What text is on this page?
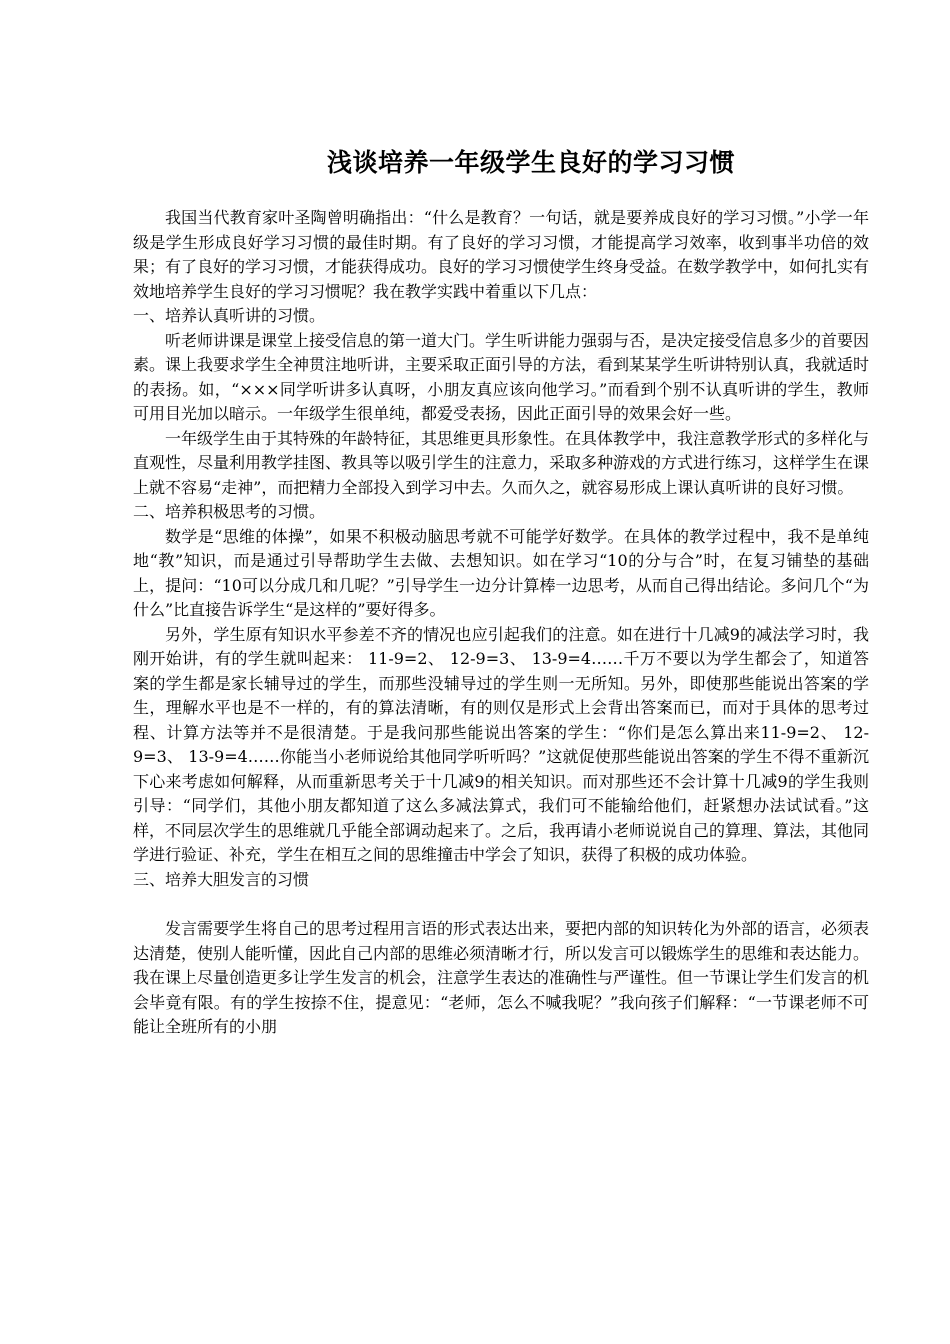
浅谈培养一年级学生良好的学习习惯

我国当代教育家叶圣陶曾明确指出：“什么是教育？一句话，就是要养成良好的学习习惯。”小学一年级是学生形成良好学习习惯的最佳时期。有了良好的学习习惯，才能提高学习效率，收到事半功倍的效果；有了良好的学习习惯，才能获得成功。良好的学习习惯使学生终身受益。在数学教学中，如何扎实有效地培养学生良好的学习习惯呢？我在教学实践中着重以下几点：

一、培养认真听讲的习惯。

听老师讲课是课堂上接受信息的第一道大门。学生听讲能力强弱与否，是决定接受信息多少的首要因素。课上我要求学生全神贯注地听讲，主要采取正面引导的方法，看到某某学生听讲特别认真，我就适时的表扬。如，“×××同学听讲多认真呀，小朋友真应该向他学习。”而看到个别不认真听讲的学生，教师可用目光加以暗示。一年级学生很单纯，都爱受表扬，因此正面引导的效果会好一些。

一年级学生由于其特殊的年龄特征，其思维更具形象性。在具体教学中，我注意教学形式的多样化与直观性，尽量利用教学挂图、教具等以吸引学生的注意力，采取多种游戏的方式进行练习，这样学生在课上就不容易“走神”，而把精力全部投入到学习中去。久而久之，就容易形成上课认真听讲的良好习惯。

二、培养积极思考的习惯。

数学是“思维的体操”，如果不积极动脑思考就不可能学好数学。在具体的教学过程中，我不是单纯地“教”知识，而是通过引导帮助学生去做、去想知识。如在学习“10的分与合”时，在复习铺垫的基础上，提问：“10可以分成几和几呢？”引导学生一边分计算棒一边思考，从而自己得出结论。多问几个“为什么”比直接告诉学生“是这样的”要好得多。

另外，学生原有知识水平参差不齐的情况也应引起我们的注意。如在进行十几减9的减法学习时，我刚开始讲，有的学生就叫起来： 11-9=2、 12-9=3、 13-9=4……千万不要以为学生都会了，知道答案的学生都是家长辅导过的学生，而那些没辅导过的学生则一无所知。另外，即使那些能说出答案的学生，理解水平也是不一样的，有的算法清晰，有的则仅是形式上会背出答案而已，而对于具体的思考过程、计算方法等并不是很清楚。于是我问那些能说出答案的学生：“你们是怎么算出来11-9=2、 12-9=3、 13-9=4……你能当小老师说给其他同学听听吗？”这就促使那些能说出答案的学生不得不重新沉下心来考虑如何解释，从而重新思考关于十几减9的相关知识。而对那些还不会计算十几减9的学生我则引导：“同学们，其他小朋友都知道了这么多减法算式，我们可不能输给他们，赶紧想办法试试看。”这样，不同层次学生的思维就几乎能全部调动起来了。之后，我再请小老师说说自己的算理、算法，其他同学进行验证、补充，学生在相互之间的思维撞击中学会了知识，获得了积极的成功体验。

三、培养大胆发言的习惯

发言需要学生将自己的思考过程用言语的形式表达出来，要把内部的知识转化为外部的语言，必须表达清楚，使别人能听懂，因此自己内部的思维必须清晰才行，所以发言可以锻炼学生的思维和表达能力。我在课上尽量创造更多让学生发言的机会，注意学生表达的准确性与严谨性。但一节课让学生们发言的机会毕竟有限。有的学生按捺不住，提意见：“老师，怎么不喊我呢？”我向孩子们解释：“一节课老师不可能让全班所有的小朋
